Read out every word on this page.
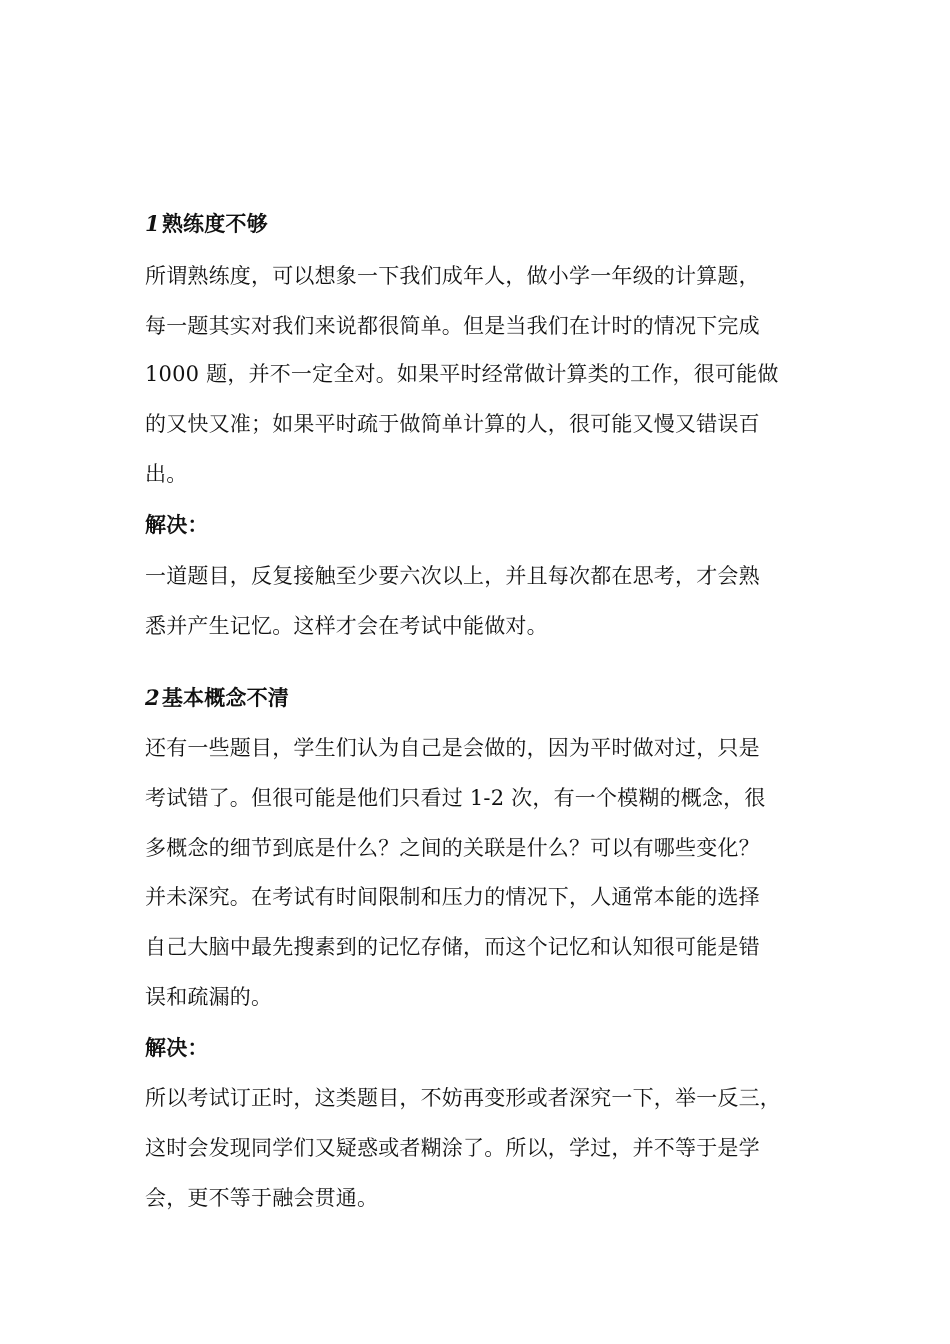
1熟练度不够
所谓熟练度，可以想象一下我们成年人，做小学一年级的计算题，
每一题其实对我们来说都很简单。但是当我们在计时的情况下完成
1000 题，并不一定全对。如果平时经常做计算类的工作，很可能做
的又快又准；如果平时疏于做简单计算的人，很可能又慢又错误百
出。
解决：
一道题目，反复接触至少要六次以上，并且每次都在思考，才会熟
悉并产生记忆。这样才会在考试中能做对。
2基本概念不清
还有一些题目，学生们认为自己是会做的，因为平时做对过，只是
考试错了。但很可能是他们只看过 1-2 次，有一个模糊的概念，很
多概念的细节到底是什么？之间的关联是什么？可以有哪些变化？
并未深究。在考试有时间限制和压力的情况下，人通常本能的选择
自己大脑中最先搜素到的记忆存储，而这个记忆和认知很可能是错
误和疏漏的。
解决：
所以考试订正时，这类题目，不妨再变形或者深究一下，举一反三，
这时会发现同学们又疑惑或者糊涂了。所以，学过，并不等于是学
会，更不等于融会贯通。
